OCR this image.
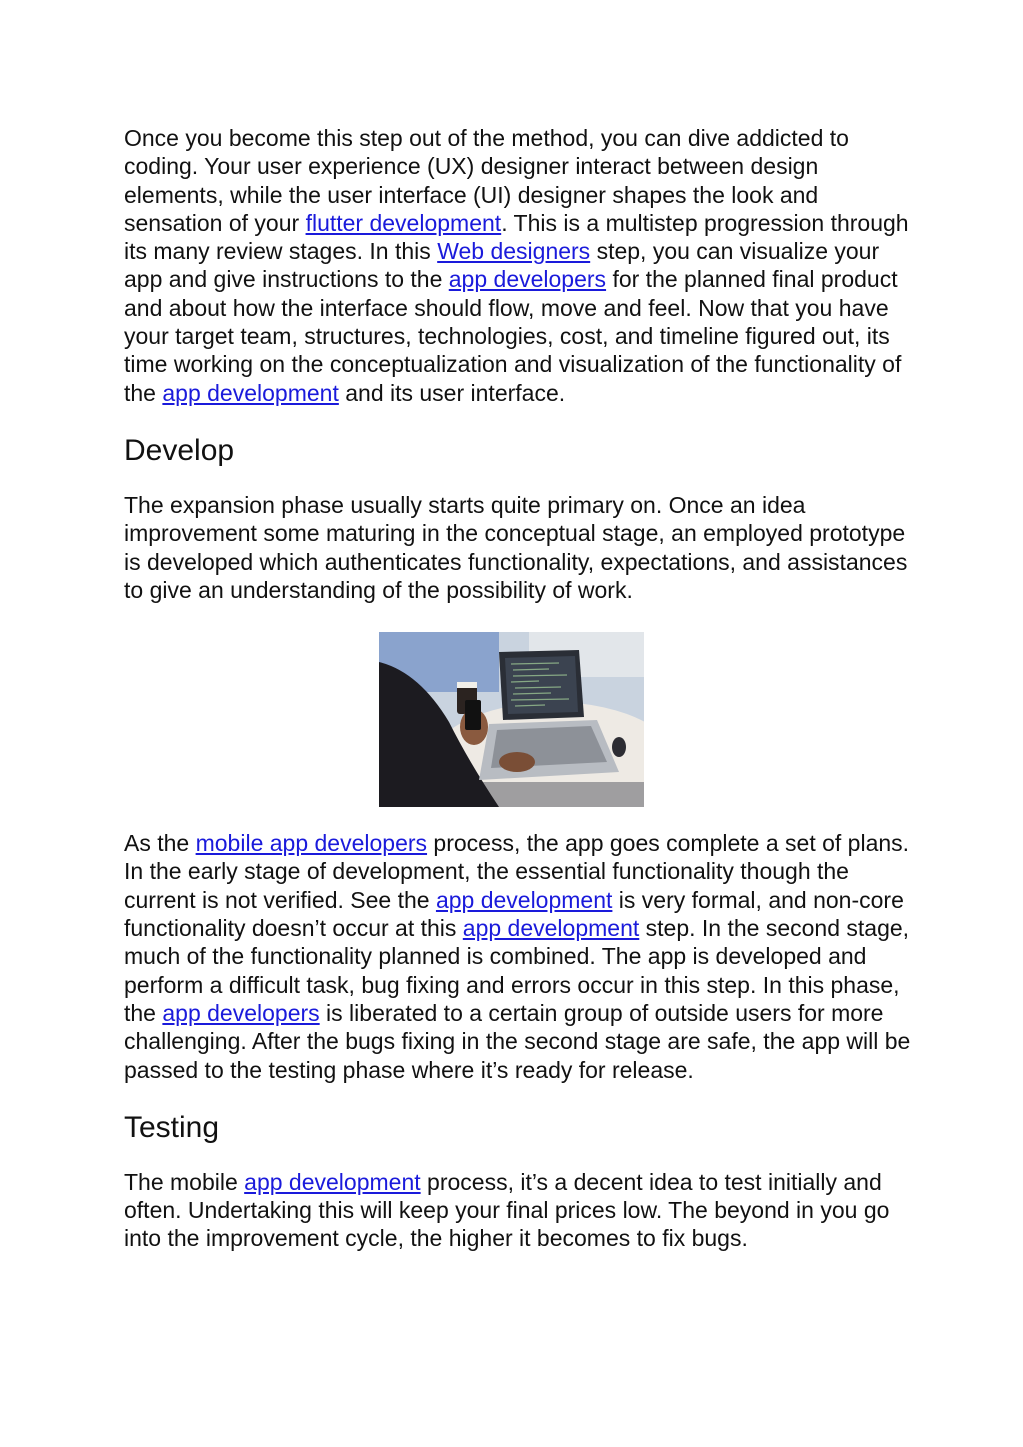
Once you become this step out of the method, you can dive addicted to coding. Your user experience (UX) designer interact between design elements, while the user interface (UI) designer shapes the look and sensation of your flutter development. This is a multistep progression through its many review stages. In this Web designers step, you can visualize your app and give instructions to the app developers for the planned final product and about how the interface should flow, move and feel. Now that you have your target team, structures, technologies, cost, and timeline figured out, its time working on the conceptualization and visualization of the functionality of the app development and its user interface.

Develop

The expansion phase usually starts quite primary on. Once an idea improvement some maturing in the conceptual stage, an employed prototype is developed which authenticates functionality, expectations, and assistances to give an understanding of the possibility of work.

As the mobile app developers process, the app goes complete a set of plans. In the early stage of development, the essential functionality though the current is not verified. See the app development is very formal, and non-core functionality doesn’t occur at this app development step. In the second stage, much of the functionality planned is combined. The app is developed and perform a difficult task, bug fixing and errors occur in this step. In this phase, the app developers is liberated to a certain group of outside users for more challenging. After the bugs fixing in the second stage are safe, the app will be passed to the testing phase where it’s ready for release.

Testing

The mobile app development process, it’s a decent idea to test initially and often. Undertaking this will keep your final prices low. The beyond in you go into the improvement cycle, the higher it becomes to fix bugs.
